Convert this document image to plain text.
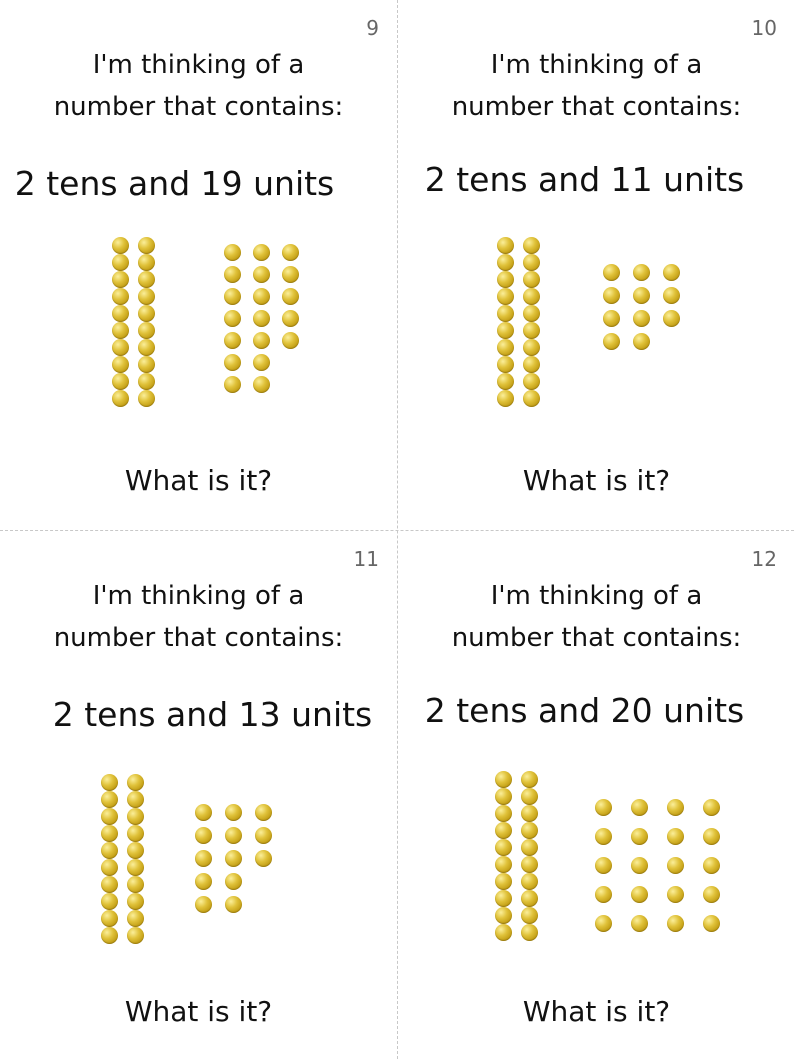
9
I'm thinking of a
number that contains:
2 tens and 19 units
What is it?
10
I'm thinking of a
number that contains:
2 tens and 11 units
What is it?
11
I'm thinking of a
number that contains:
2 tens and 13 units
What is it?
12
I'm thinking of a
number that contains:
2 tens and 20 units
What is it?
